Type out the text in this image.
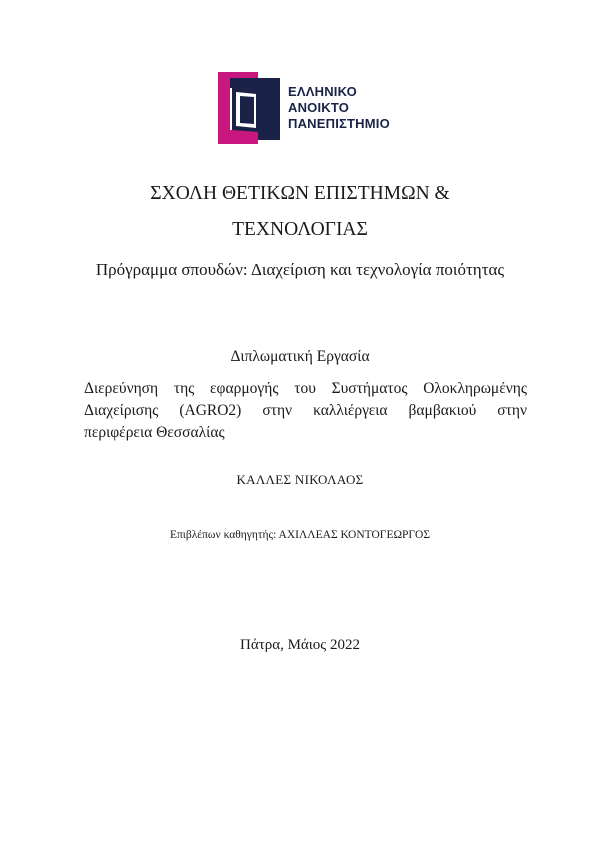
ΕΛΛΗΝΙΚΟ
ΑΝΟΙΚΤΟ
ΠΑΝΕΠΙΣΤΗΜΙΟ
ΣΧΟΛΗ ΘΕΤΙΚΩΝ ΕΠΙΣΤΗΜΩΝ &
ΤΕΧΝΟΛΟΓΙΑΣ
Πρόγραμμα σπουδών: Διαχείριση και τεχνολογία ποιότητας
Διπλωματική Εργασία
Διερεύνηση της εφαρμογής του Συστήματος Ολοκληρωμένης
Διαχείρισης (AGRO2) στην καλλιέργεια βαμβακιού στην
περιφέρεια Θεσσαλίας
ΚΑΛΛΕΣ ΝΙΚΟΛΑΟΣ
Επιβλέπων καθηγητής: ΑΧΙΛΛΕΑΣ ΚΟΝΤΟΓΕΩΡΓΟΣ
Πάτρα, Μάιος 2022
